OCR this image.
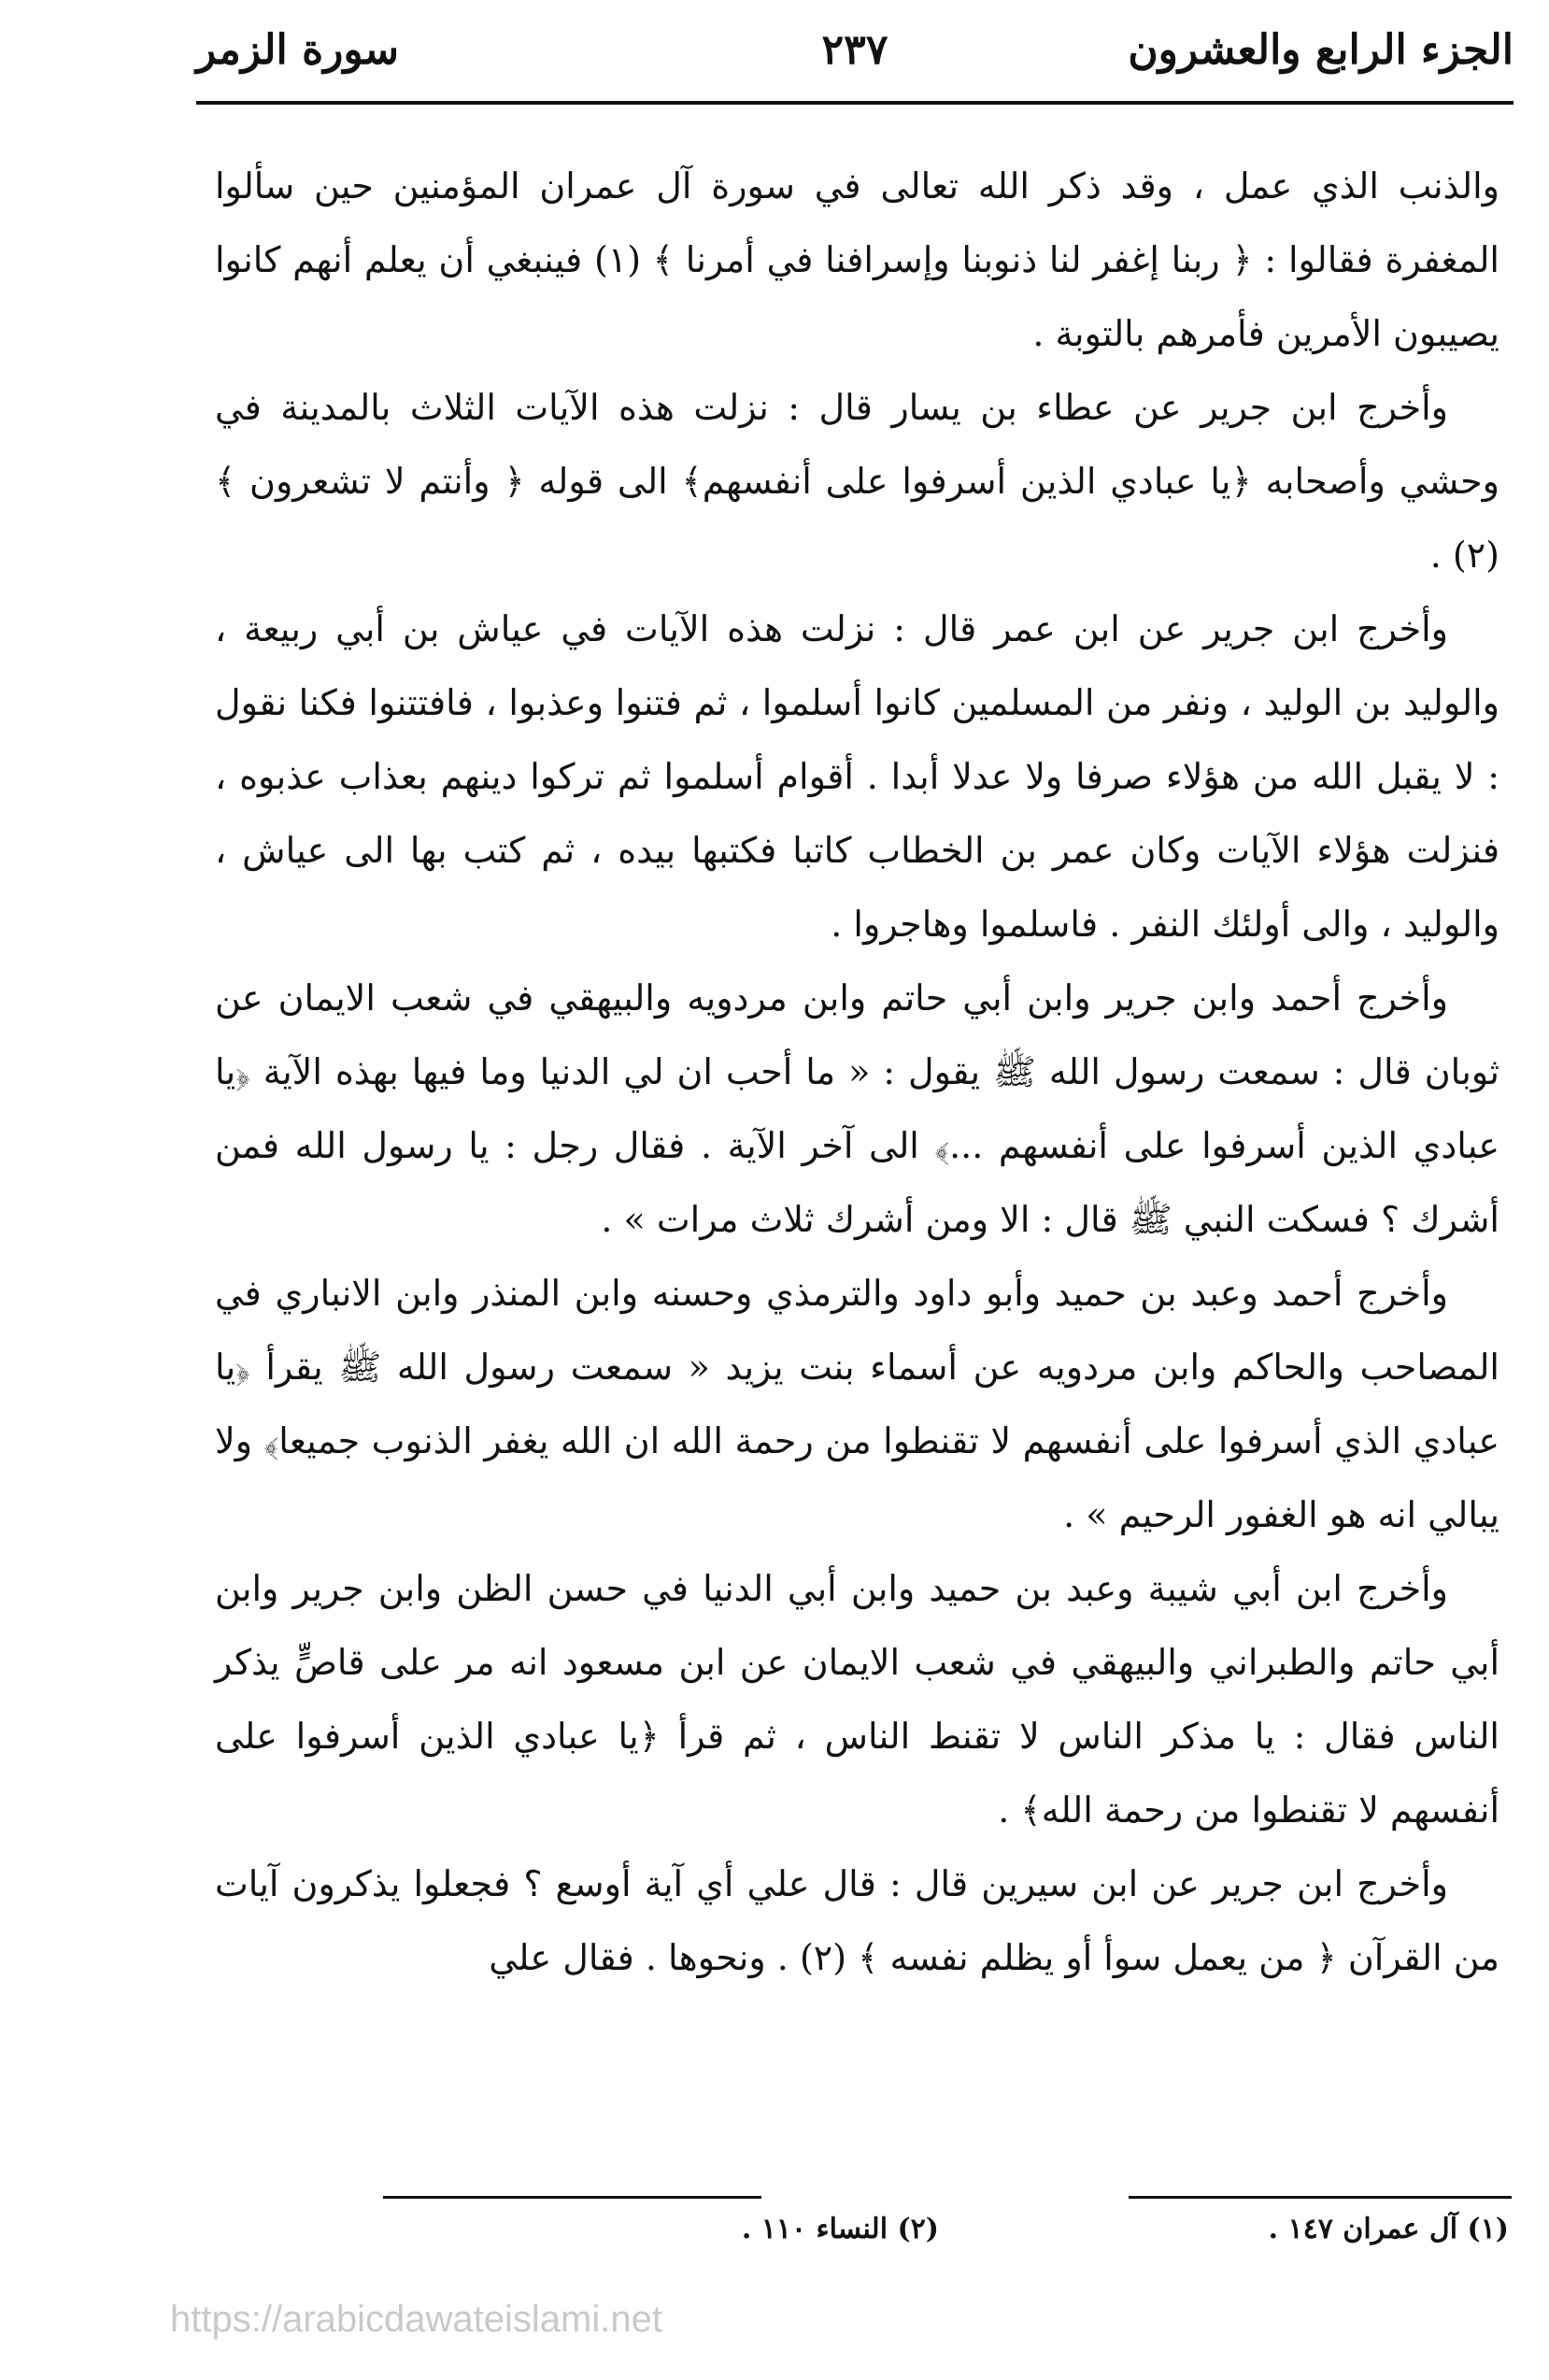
الجزء الرابع والعشرون
٢٣٧
سورة الزمر

والذنب الذي عمل ، وقد ذكر الله تعالى في سورة آل عمران المؤمنين حين سألوا المغفرة فقالوا : ﴿ ربنا إغفر لنا ذنوبنا وإسرافنا في أمرنا ﴾ (١) فينبغي أن يعلم أنهم كانوا يصيبون الأمرين فأمرهم بالتوبة .

وأخرج ابن جرير عن عطاء بن يسار قال : نزلت هذه الآيات الثلاث بالمدينة في وحشي وأصحابه ﴿يا عبادي الذين أسرفوا على أنفسهم﴾ الى قوله ﴿ وأنتم لا تشعرون ﴾ (٢) .

وأخرج ابن جرير عن ابن عمر قال : نزلت هذه الآيات في عياش بن أبي ربيعة ، والوليد بن الوليد ، ونفر من المسلمين كانوا أسلموا ، ثم فتنوا وعذبوا ، فافتتنوا فكنا نقول : لا يقبل الله من هؤلاء صرفا ولا عدلا أبدا . أقوام أسلموا ثم تركوا دينهم بعذاب عذبوه ، فنزلت هؤلاء الآيات وكان عمر بن الخطاب كاتبا فكتبها بيده ، ثم كتب بها الى عياش ، والوليد ، والى أولئك النفر . فاسلموا وهاجروا .

وأخرج أحمد وابن جرير وابن أبي حاتم وابن مردويه والبيهقي في شعب الايمان عن ثوبان قال : سمعت رسول الله ﷺ يقول : « ما أحب ان لي الدنيا وما فيها بهذه الآية ﴿يا عبادي الذين أسرفوا على أنفسهم ...﴾ الى آخر الآية . فقال رجل : يا رسول الله فمن أشرك ؟ فسكت النبي ﷺ قال : الا ومن أشرك ثلاث مرات » .

وأخرج أحمد وعبد بن حميد وأبو داود والترمذي وحسنه وابن المنذر وابن الانباري في المصاحب والحاكم وابن مردويه عن أسماء بنت يزيد « سمعت رسول الله ﷺ يقرأ ﴿يا عبادي الذي أسرفوا على أنفسهم لا تقنطوا من رحمة الله ان الله يغفر الذنوب جميعا﴾ ولا يبالي انه هو الغفور الرحيم » .

وأخرج ابن أبي شيبة وعبد بن حميد وابن أبي الدنيا في حسن الظن وابن جرير وابن أبي حاتم والطبراني والبيهقي في شعب الايمان عن ابن مسعود انه مر على قاصٍّ يذكر الناس فقال : يا مذكر الناس لا تقنط الناس ، ثم قرأ ﴿يا عبادي الذين أسرفوا على أنفسهم لا تقنطوا من رحمة الله﴾ .

وأخرج ابن جرير عن ابن سيرين قال : قال علي أي آية أوسع ؟ فجعلوا يذكرون آيات من القرآن ﴿ من يعمل سوأ أو يظلم نفسه ﴾ (٢) . ونحوها . فقال علي

(١) آل عمران ١٤٧ .
(٢) النساء ١١٠ .
https://arabicdawateislami.net
